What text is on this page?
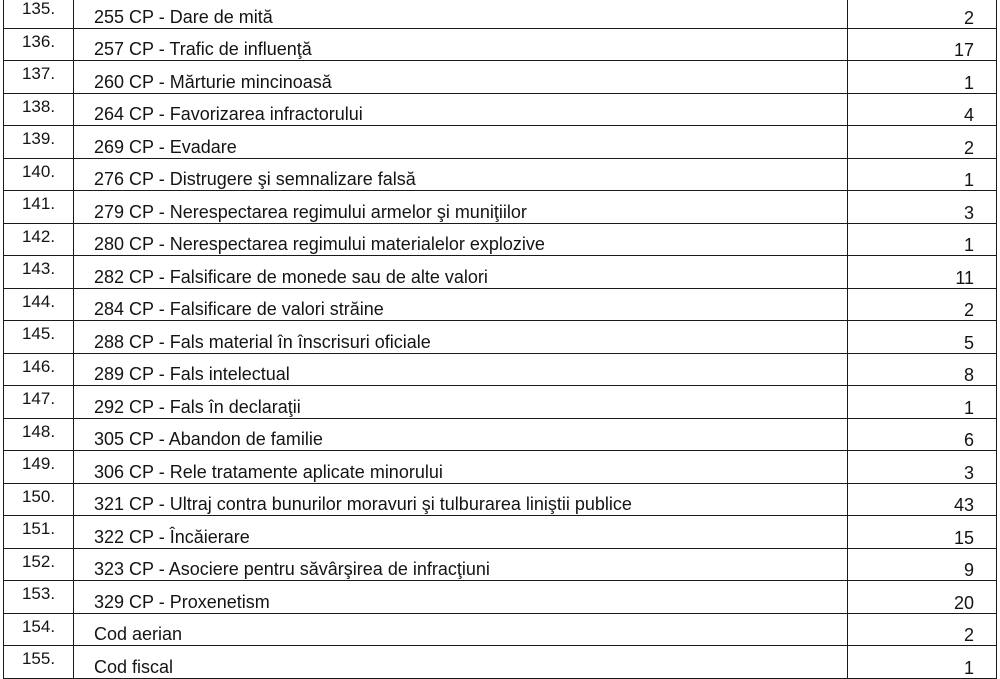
135.	255 CP - Dare de mită	2
136.	257 CP - Trafic de influenţă	17
137.	260 CP - Mărturie mincinoasă	1
138.	264 CP - Favorizarea infractorului	4
139.	269 CP - Evadare	2
140.	276 CP - Distrugere şi semnalizare falsă	1
141.	279 CP - Nerespectarea regimului armelor şi muniţiilor	3
142.	280 CP - Nerespectarea regimului materialelor explozive	1
143.	282 CP - Falsificare de monede sau de alte valori	11
144.	284 CP - Falsificare de valori străine	2
145.	288 CP - Fals material în înscrisuri oficiale	5
146.	289 CP - Fals intelectual	8
147.	292 CP - Fals în declaraţii	1
148.	305 CP - Abandon de familie	6
149.	306 CP - Rele tratamente aplicate minorului	3
150.	321 CP - Ultraj contra bunurilor moravuri şi tulburarea liniştii publice	43
151.	322 CP - Încăierare	15
152.	323 CP - Asociere pentru săvârşirea de infracţiuni	9
153.	329 CP - Proxenetism	20
154.	Cod aerian	2
155.	Cod fiscal	1
